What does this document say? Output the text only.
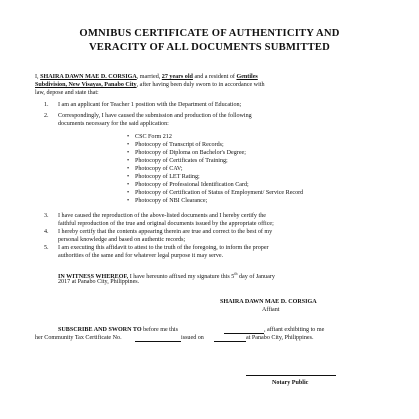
OMNIBUS CERTIFICATE OF AUTHENTICITY AND
VERACITY OF ALL DOCUMENTS SUBMITTED
I, SHAIRA DAWN MAE D. CORSIGA, married, 27 years old and a resident of Gentiles
Subdivision, New Visayas, Panabo City, after having been duly sworn to in accordance with
law, depose and state that:
1. I am an applicant for Teacher 1 position with the Department of Education;
2. Correspondingly, I have caused the submission and production of the following
documents necessary for the said application:
• CSC Form 212
• Photocopy of Transcript of Records;
• Photocopy of Diploma on Bachelor's Degree;
• Photocopy of Certificates of Training;
• Photocopy of CAV;
• Photocopy of LET Rating;
• Photocopy of Professional Identification Card;
• Photocopy of Certification of Status of Employment/ Service Record
• Photocopy of NBI Clearance;
3. I have caused the reproduction of the above-listed documents and I hereby certify the
faithful reproduction of the true and original documents issued by the appropriate office;
4. I hereby certify that the contents appearing therein are true and correct to the best of my
personal knowledge and based on authentic records;
5. I am executing this affidavit to attest to the truth of the foregoing, to inform the proper
authorities of the same and for whatever legal purpose it may serve.
IN WITNESS WHEREOF, I have hereunto affixed my signature this 5th day of January
2017 at Panabo City, Philippines.
SHAIRA DAWN MAE D. CORSIGA
Affiant
SUBSCRIBE AND SWORN TO before me this	, affiant exhibiting to me
her Community Tax Certificate No.	issued on	at Panabo City, Philippines.
Notary Public
